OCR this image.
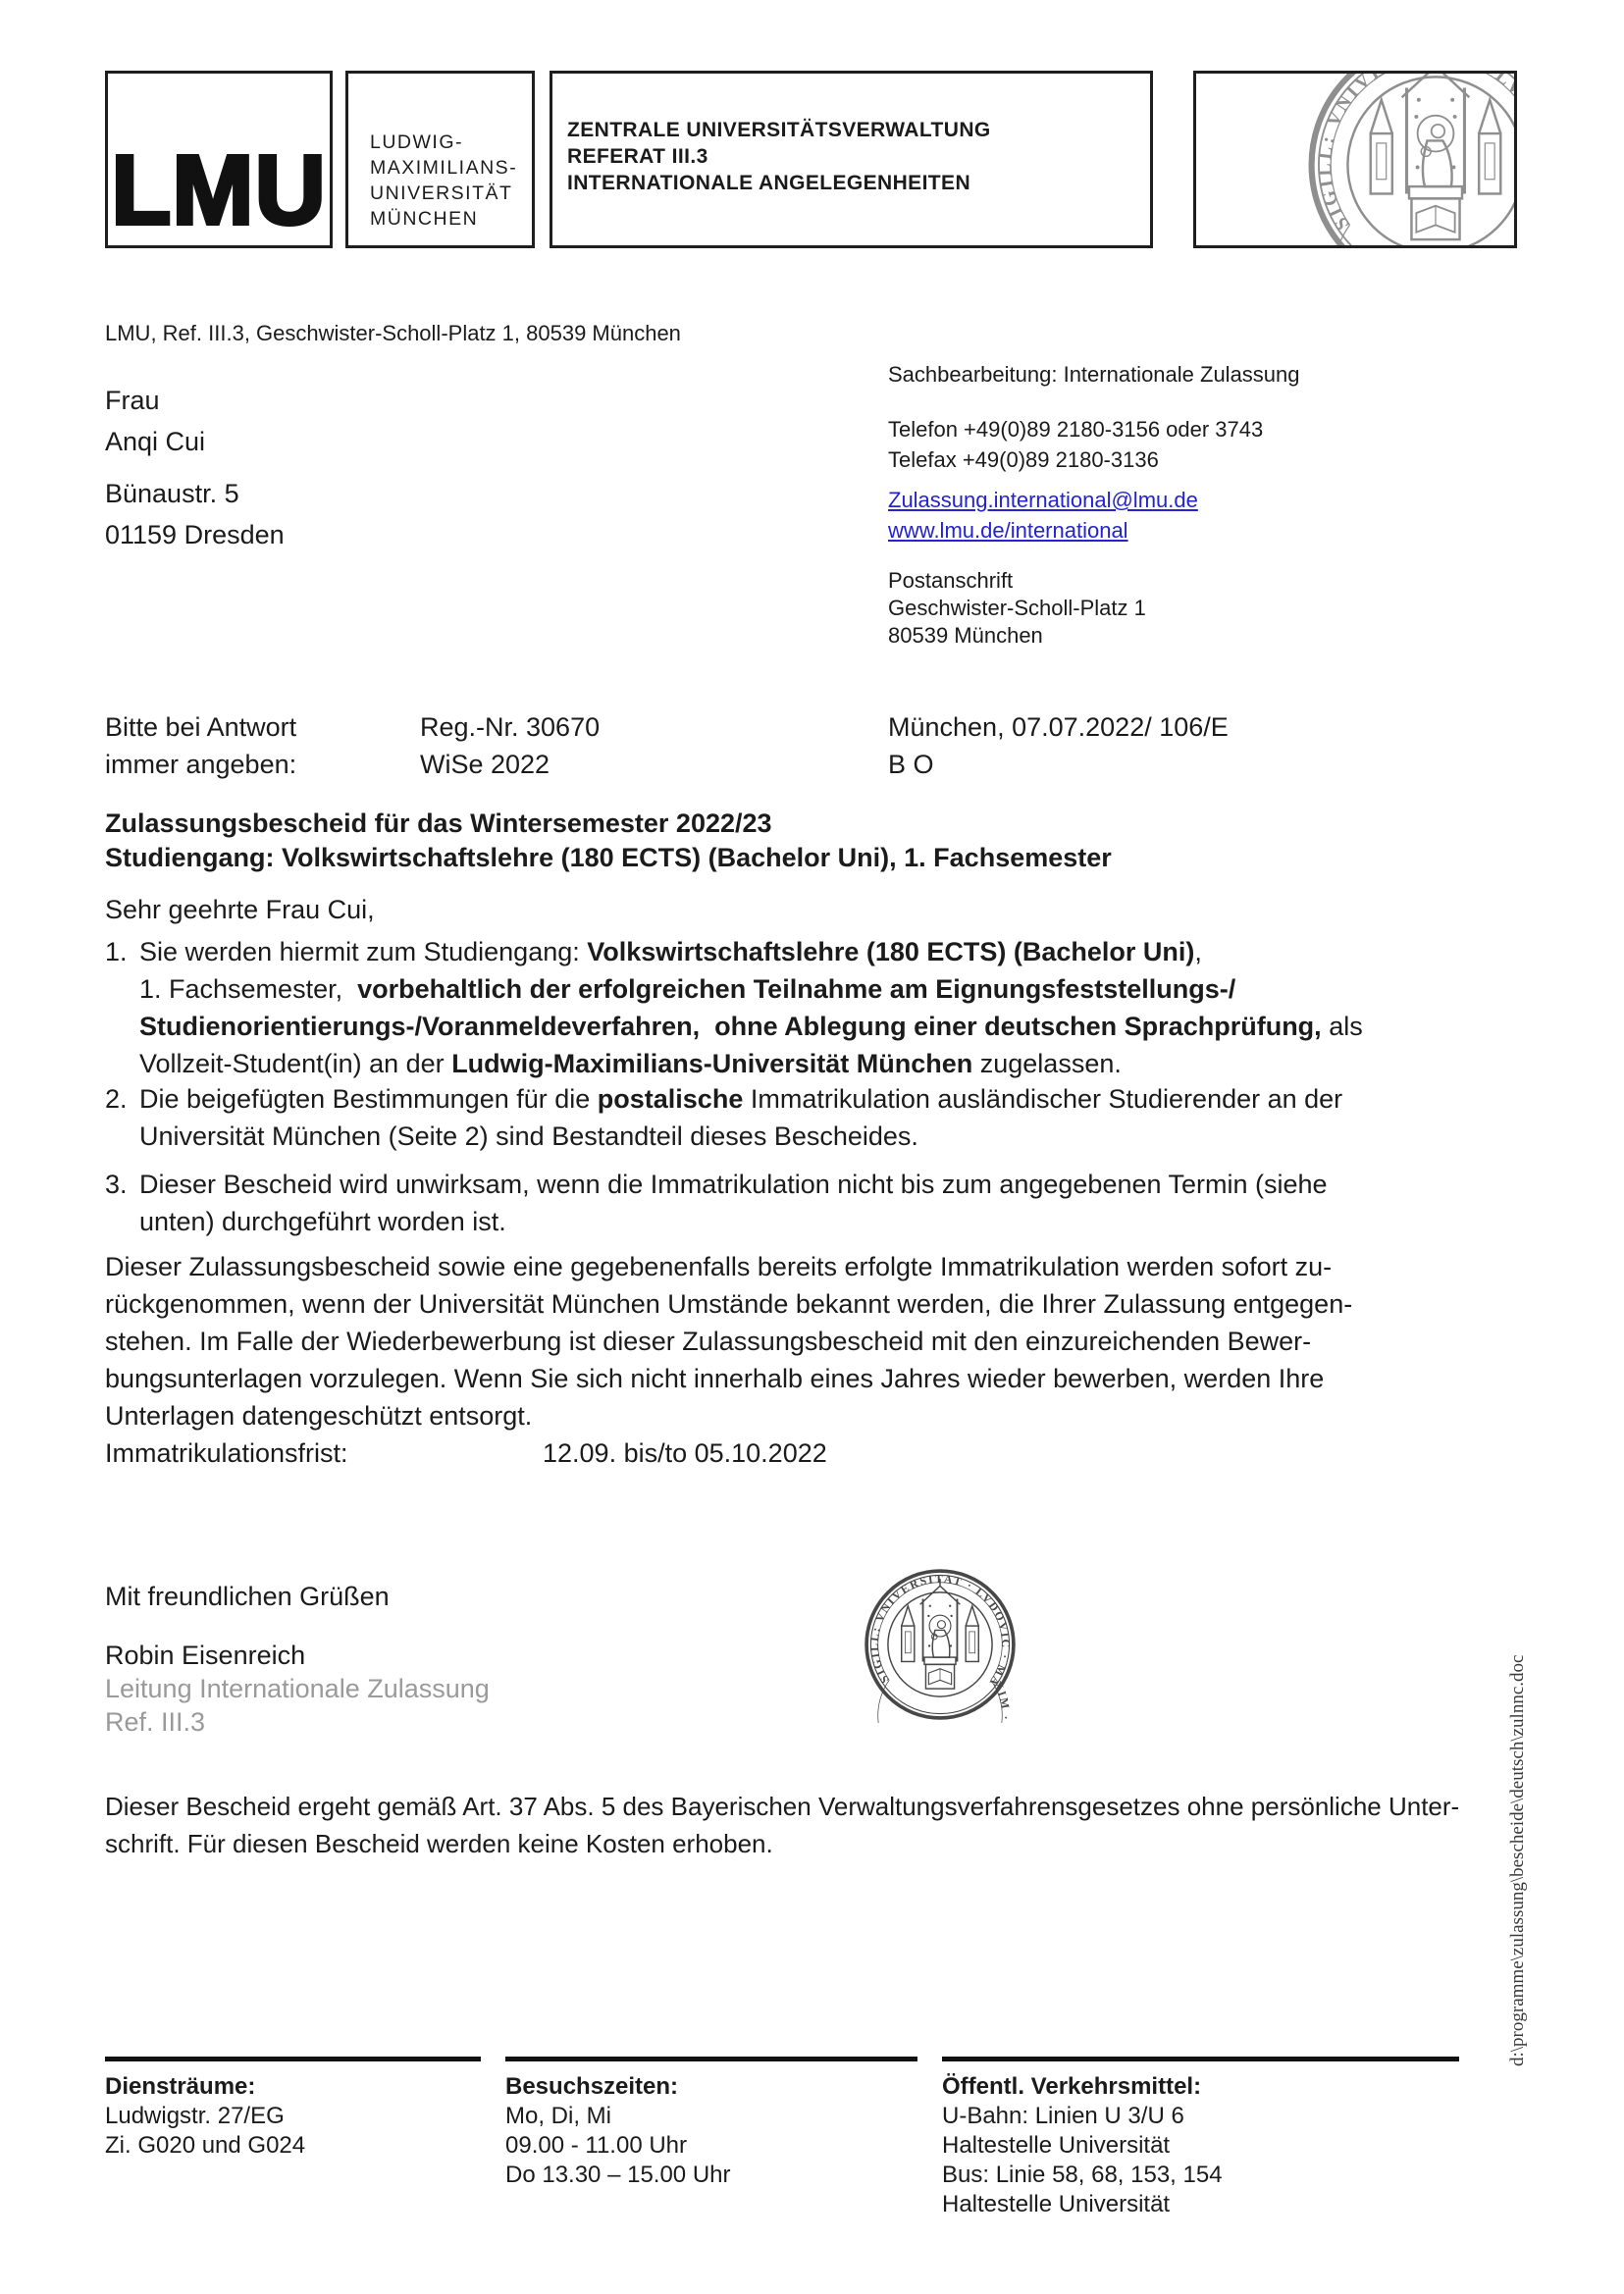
LMU	LUDWIG-
MAXIMILIANS-
UNIVERSITÄT
MÜNCHEN
ZENTRALE UNIVERSITÄTSVERWALTUNG
REFERAT III.3
INTERNATIONALE ANGELEGENHEITEN
SIGILL: VNIVERSITAT · LVDOVIC · MAXIM ·
LMU, Ref. III.3, Geschwister-Scholl-Platz 1, 80539 München
Frau
Anqi Cui
Bünaustr. 5
01159 Dresden
Sachbearbeitung: Internationale Zulassung
Telefon +49(0)89 2180-3156 oder 3743
Telefax +49(0)89 2180-3136
Zulassung.international@lmu.de
www.lmu.de/international
Postanschrift
Geschwister-Scholl-Platz 1
80539 München
Bitte bei Antwort
immer angeben:
Reg.-Nr. 30670
WiSe 2022
München, 07.07.2022/ 106/E
B O
Zulassungsbescheid für das Wintersemester 2022/23
Studiengang: Volkswirtschaftslehre (180 ECTS) (Bachelor Uni), 1. Fachsemester
Sehr geehrte Frau Cui,
1. Sie werden hiermit zum Studiengang: Volkswirtschaftslehre (180 ECTS) (Bachelor Uni),
1. Fachsemester,  vorbehaltlich der erfolgreichen Teilnahme am Eignungsfeststellungs-/
Studienorientierungs-/Voranmeldeverfahren, ohne Ablegung einer deutschen Sprachprüfung, als
Vollzeit-Student(in) an der Ludwig-Maximilians-Universität München zugelassen.
2. Die beigefügten Bestimmungen für die postalische Immatrikulation ausländischer Studierender an der
Universität München (Seite 2) sind Bestandteil dieses Bescheides.
3. Dieser Bescheid wird unwirksam, wenn die Immatrikulation nicht bis zum angegebenen Termin (siehe
unten) durchgeführt worden ist.
Dieser Zulassungsbescheid sowie eine gegebenenfalls bereits erfolgte Immatrikulation werden sofort zu-
rückgenommen, wenn der Universität München Umstände bekannt werden, die Ihrer Zulassung entgegen-
stehen. Im Falle der Wiederbewerbung ist dieser Zulassungsbescheid mit den einzureichenden Bewer-
bungsunterlagen vorzulegen. Wenn Sie sich nicht innerhalb eines Jahres wieder bewerben, werden Ihre
Unterlagen datengeschützt entsorgt.
Immatrikulationsfrist:	12.09. bis/to 05.10.2022
Mit freundlichen Grüßen
Robin Eisenreich
Leitung Internationale Zulassung
Ref. III.3
SIGILL: VNIVERSITAT · LVDOVIC · MAXIM ·
Dieser Bescheid ergeht gemäß Art. 37 Abs. 5 des Bayerischen Verwaltungsverfahrensgesetzes ohne persönliche Unter-
schrift. Für diesen Bescheid werden keine Kosten erhoben.
Diensträume:
Ludwigstr. 27/EG
Zi. G020 und G024
Besuchszeiten:
Mo, Di, Mi
09.00 - 11.00 Uhr
Do 13.30 – 15.00 Uhr
Öffentl. Verkehrsmittel:
U-Bahn: Linien U 3/U 6
Haltestelle Universität
Bus: Linie 58, 68, 153, 154
Haltestelle Universität
d:\programme\zulassung\bescheide\deutsch\zulnnc.doc
